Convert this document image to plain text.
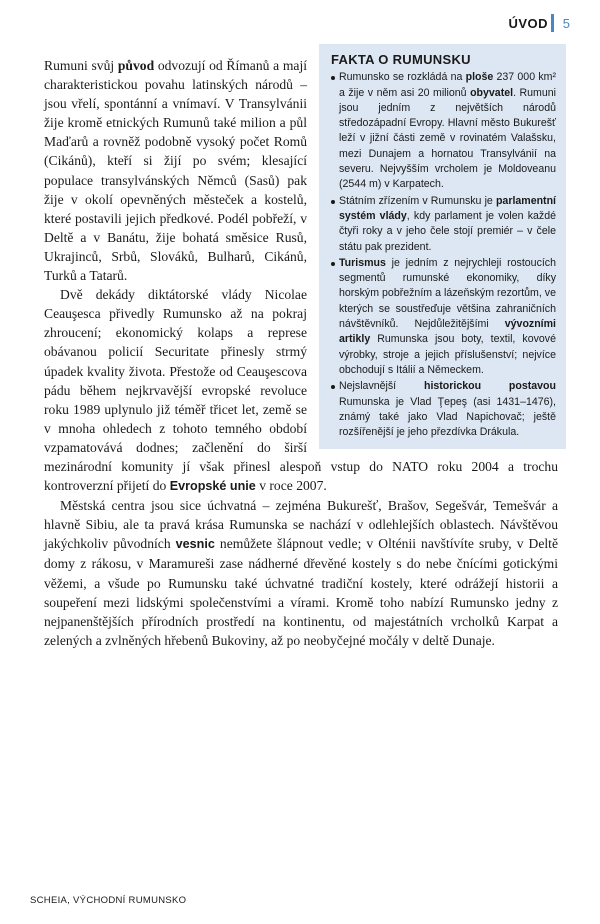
ÚVOD 5
FAKTA O RUMUNSKU
Rumunsko se rozkládá na ploše 237 000 km² a žije v něm asi 20 milionů obyvatel. Rumuni jsou jedním z největších národů středozápadní Evropy. Hlavní město Bukurešť leží v jižní části země v rovinatém Valašsku, mezi Dunajem a hornatou Transylvánií na severu. Nejvyšším vrcholem je Moldoveanu (2544 m) v Karpatech.
Státním zřízením v Rumunsku je parlamentní systém vlády, kdy parlament je volen každé čtyři roky a v jeho čele stojí premiér – v čele státu pak prezident.
Turismus je jedním z nejrychleji rostoucích segmentů rumunské ekonomiky, díky horským pobřežním a lázeňským rezortům, ve kterých se soustřeďuje většina zahraničních návštěvníků. Nejdůležitějšími vývozními artikly Rumunska jsou boty, textil, kovové výrobky, stroje a jejich příslušenství; nejvíce obchodují s Itálií a Německem.
Nejslavnější historickou postavou Rumunska je Vlad Ţepeş (asi 1431–1476), známý také jako Vlad Napichovač; ještě rozšířenější je jeho přezdívka Drákula.

Rumuni svůj původ odvozují od Římanů a mají charakteristickou povahu latinských národů – jsou vřelí, spontánní a vnímaví. V Transylvánii žije kromě etnických Rumunů také milion a půl Maďarů a rovněž podobně vysoký počet Romů (Cikánů), kteří si žijí po svém; klesající populace transylvánských Němců (Sasů) pak žije v okolí opevněných městeček a kostelů, které postavili jejich předkové. Podél pobřeží, v Deltě a v Banátu, žije bohatá směsice Rusů, Ukrajinců, Srbů, Slováků, Bulharů, Cikánů, Turků a Tatarů.

Dvě dekády diktátorské vlády Nicolae Ceauşesca přivedly Rumunsko až na pokraj zhroucení; ekonomický kolaps a represe obávanou policií Securitate přinesly strmý úpadek kvality života. Přestože od Ceauşescova pádu během nejkrvavější evropské revoluce roku 1989 uplynulo již téměř třicet let, země se v mnoha ohledech z tohoto temného období vzpamatovává dodnes; začlenění do širší mezinárodní komunity jí však přinesl alespoň vstup do NATO roku 2004 a trochu kontroverzní přijetí do Evropské unie v roce 2007.

Městská centra jsou sice úchvatná – zejména Bukurešť, Brašov, Segešvár, Temešvár a hlavně Sibiu, ale ta pravá krása Rumunska se nachází v odlehlejších oblastech. Návštěvou jakýchkoliv původních vesnic nemůžete šlápnout vedle; v Olténii navštívíte sruby, v Deltě domy z rákosu, v Maramureši zase nádherné dřevěné kostely s do nebe čnícími gotickými věžemi, a všude po Rumunsku také úchvatné tradiční kostely, které odrážejí historii a soupeření mezi lidskými společenstvími a vírami. Kromě toho nabízí Rumunsko jedny z nejpanenštějších přírodních prostředí na kontinentu, od majestátních vrcholků Karpat a zelených a zvlněných hřebenů Bukoviny, až po neobyčejné močály v deltě Dunaje.

SCHEIA, VÝCHODNÍ RUMUNSKO
